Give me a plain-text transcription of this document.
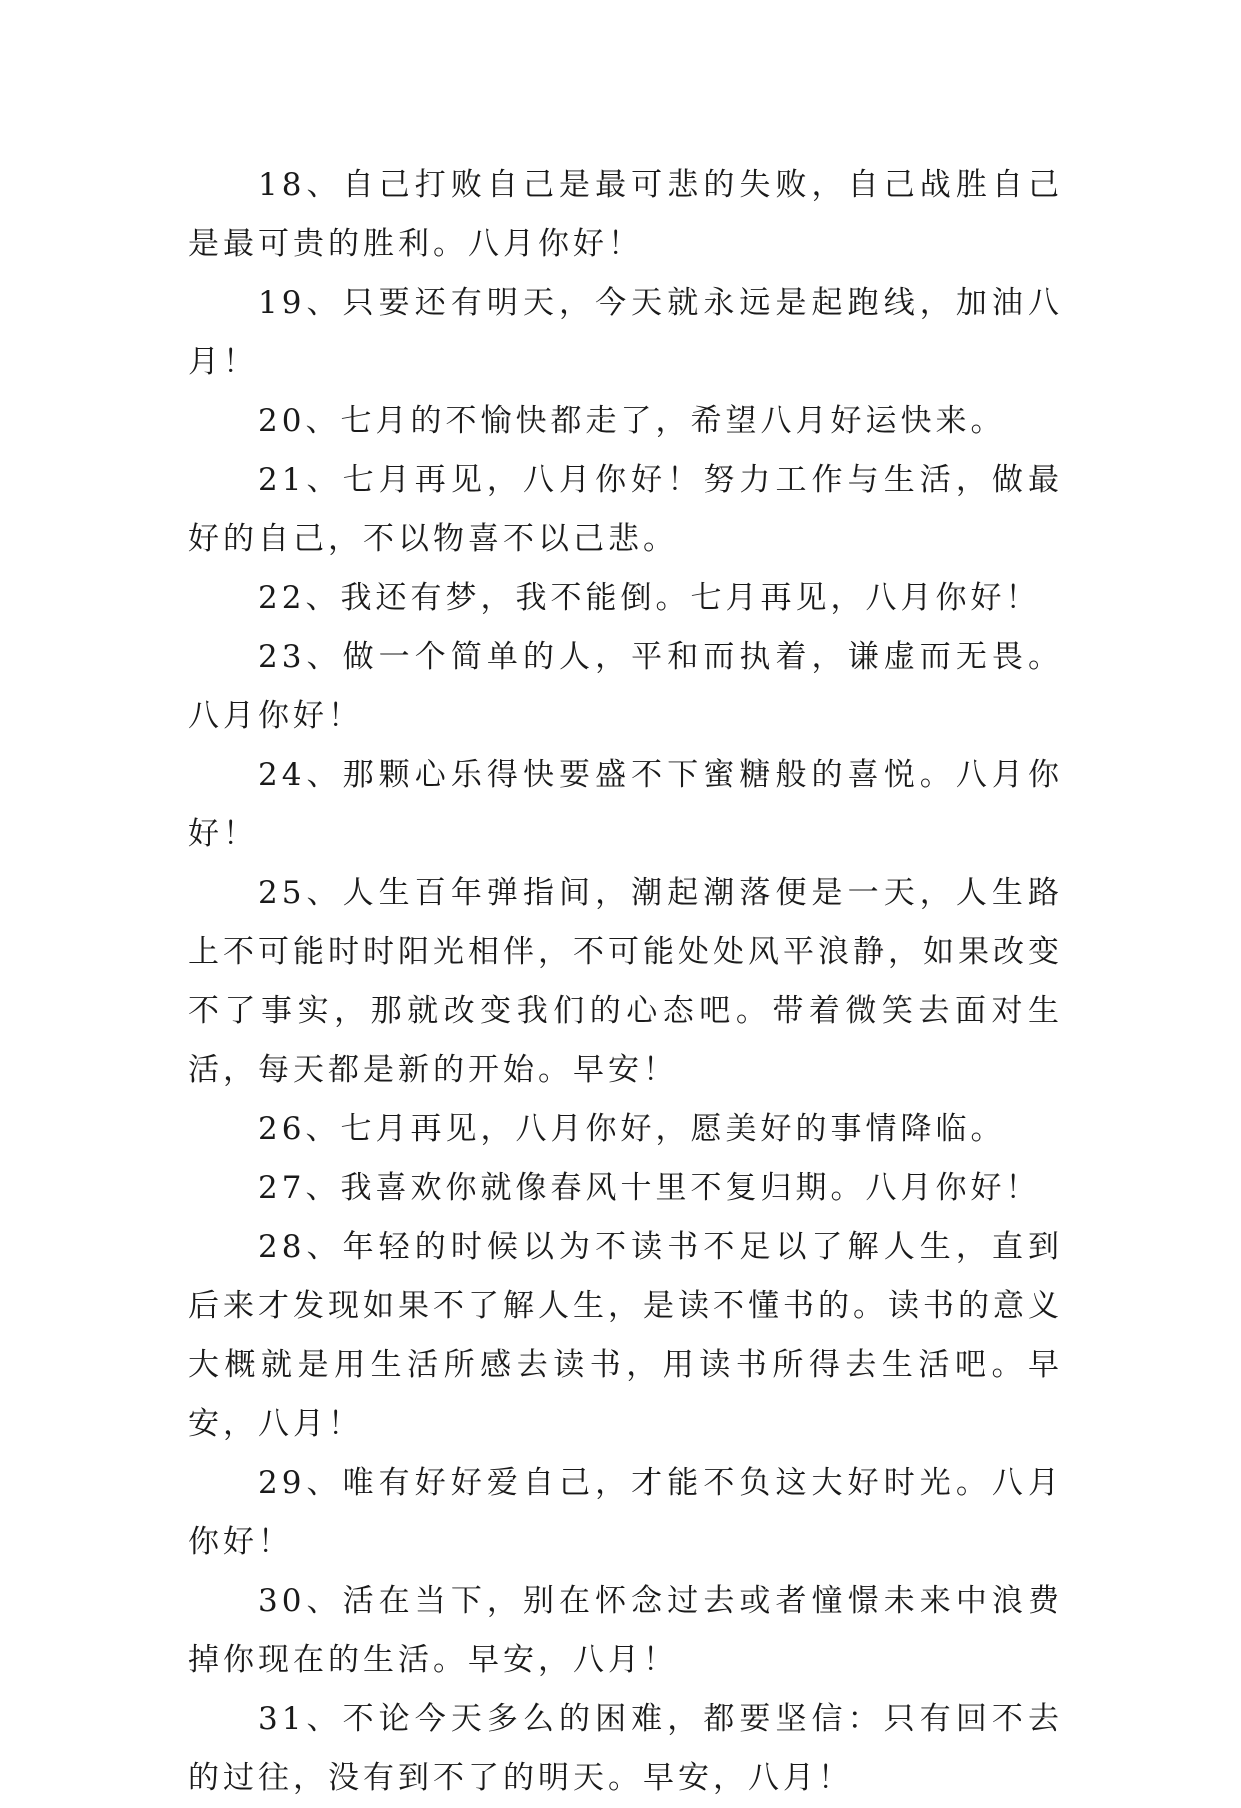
18、自己打败自己是最可悲的失败，自己战胜自己是最可贵的胜利。八月你好！

19、只要还有明天，今天就永远是起跑线，加油八月！

20、七月的不愉快都走了，希望八月好运快来。

21、七月再见，八月你好！努力工作与生活，做最好的自己，不以物喜不以己悲。

22、我还有梦，我不能倒。七月再见，八月你好！

23、做一个简单的人，平和而执着，谦虚而无畏。八月你好！

24、那颗心乐得快要盛不下蜜糖般的喜悦。八月你好！

25、人生百年弹指间，潮起潮落便是一天，人生路上不可能时时阳光相伴，不可能处处风平浪静，如果改变不了事实，那就改变我们的心态吧。带着微笑去面对生活，每天都是新的开始。早安！

26、七月再见，八月你好，愿美好的事情降临。

27、我喜欢你就像春风十里不复归期。八月你好！

28、年轻的时候以为不读书不足以了解人生，直到后来才发现如果不了解人生，是读不懂书的。读书的意义大概就是用生活所感去读书，用读书所得去生活吧。早安，八月！

29、唯有好好爱自己，才能不负这大好时光。八月你好！

30、活在当下，别在怀念过去或者憧憬未来中浪费掉你现在的生活。早安，八月！

31、不论今天多么的困难，都要坚信：只有回不去的过往，没有到不了的明天。早安，八月！
